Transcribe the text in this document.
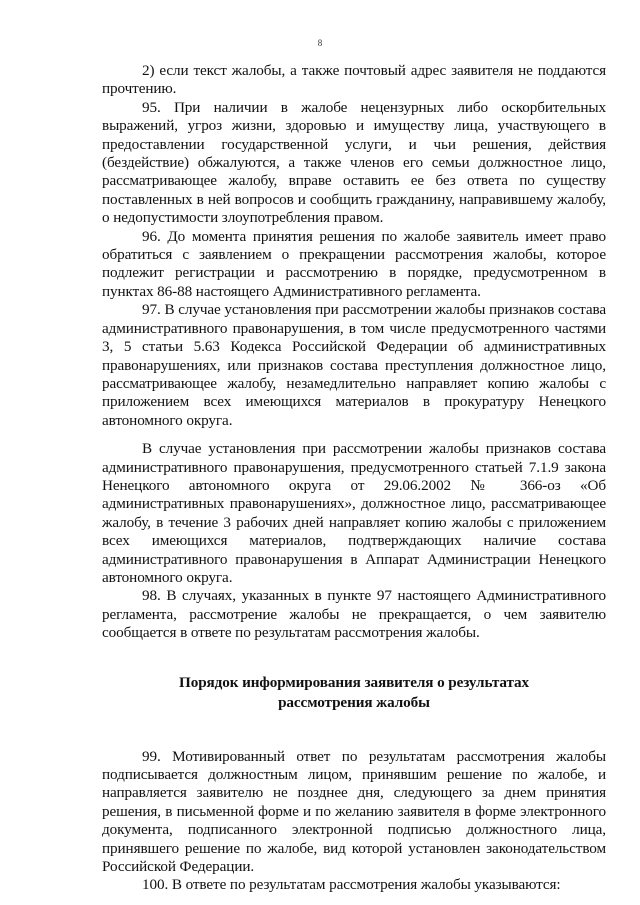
8

2) если текст жалобы, а также почтовый адрес заявителя не поддаются прочтению.

95. При наличии в жалобе нецензурных либо оскорбительных выражений, угроз жизни, здоровью и имуществу лица, участвующего в предоставлении государственной услуги, и чьи решения, действия (бездействие) обжалуются, а также членов его семьи должностное лицо, рассматривающее жалобу, вправе оставить ее без ответа по существу поставленных в ней вопросов и сообщить гражданину, направившему жалобу, о недопустимости злоупотребления правом.

96. До момента принятия решения по жалобе заявитель имеет право обратиться с заявлением о прекращении рассмотрения жалобы, которое подлежит регистрации и рассмотрению в порядке, предусмотренном в пунктах 86-88 настоящего Административного регламента.

97. В случае установления при рассмотрении жалобы признаков состава административного правонарушения, в том числе предусмотренного частями 3, 5 статьи 5.63 Кодекса Российской Федерации об административных правонарушениях, или признаков состава преступления должностное лицо, рассматривающее жалобу, незамедлительно направляет копию жалобы с приложением всех имеющихся материалов в прокуратуру Ненецкого автономного округа.

В случае установления при рассмотрении жалобы признаков состава административного правонарушения, предусмотренного статьей 7.1.9 закона Ненецкого автономного округа от 29.06.2002 № 366-оз «Об административных правонарушениях», должностное лицо, рассматривающее жалобу, в течение 3 рабочих дней направляет копию жалобы с приложением всех имеющихся материалов, подтверждающих наличие состава административного правонарушения в Аппарат Администрации Ненецкого автономного округа.

98. В случаях, указанных в пункте 97 настоящего Административного регламента, рассмотрение жалобы не прекращается, о чем заявителю сообщается в ответе по результатам рассмотрения жалобы.

Порядок информирования заявителя о результатах
рассмотрения жалобы

99. Мотивированный ответ по результатам рассмотрения жалобы подписывается должностным лицом, принявшим решение по жалобе, и направляется заявителю не позднее дня, следующего за днем принятия решения, в письменной форме и по желанию заявителя в форме электронного документа, подписанного электронной подписью должностного лица, принявшего решение по жалобе, вид которой установлен законодательством Российской Федерации.

100. В ответе по результатам рассмотрения жалобы указываются:
